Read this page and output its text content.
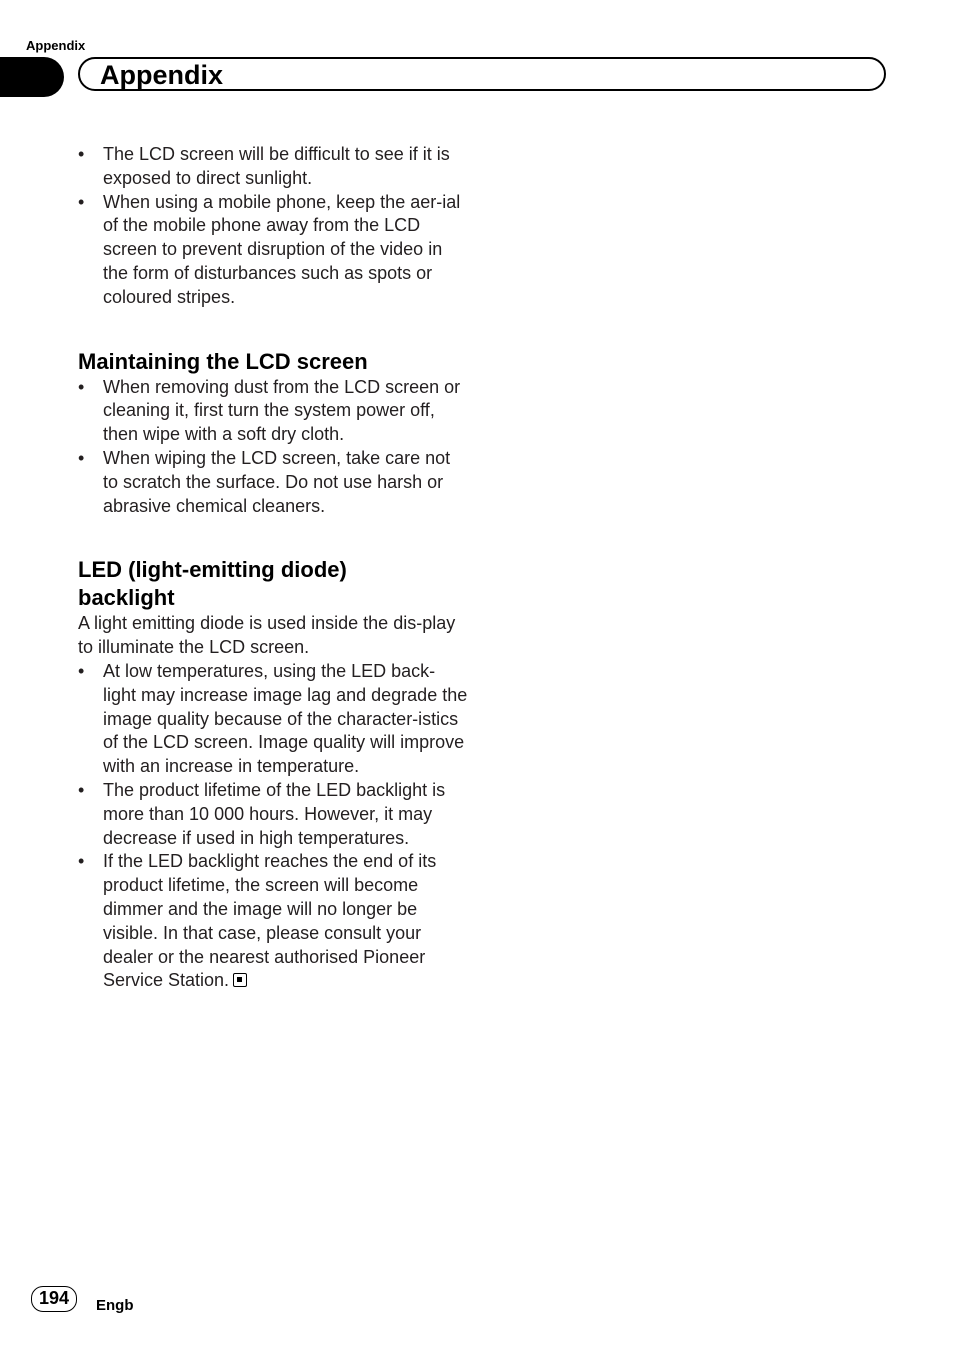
Appendix
Appendix
•	The LCD screen will be difficult to see if it is exposed to direct sunlight.
•	When using a mobile phone, keep the aer-ial of the mobile phone away from the LCD screen to prevent disruption of the video in the form of disturbances such as spots or coloured stripes.
Maintaining the LCD screen
•	When removing dust from the LCD screen or cleaning it, first turn the system power off, then wipe with a soft dry cloth.
•	When wiping the LCD screen, take care not to scratch the surface. Do not use harsh or abrasive chemical cleaners.
LED (light-emitting diode)
backlight

A light emitting diode is used inside the dis-play to illuminate the LCD screen.

•	At low temperatures, using the LED back-light may increase image lag and degrade the image quality because of the character-istics of the LCD screen. Image quality will improve with an increase in temperature.
•	The product lifetime of the LED backlight is more than 10 000 hours. However, it may decrease if used in high temperatures.
•	If the LED backlight reaches the end of its product lifetime, the screen will become dimmer and the image will no longer be visible. In that case, please consult your dealer or the nearest authorised Pioneer Service Station.
194	Engb
